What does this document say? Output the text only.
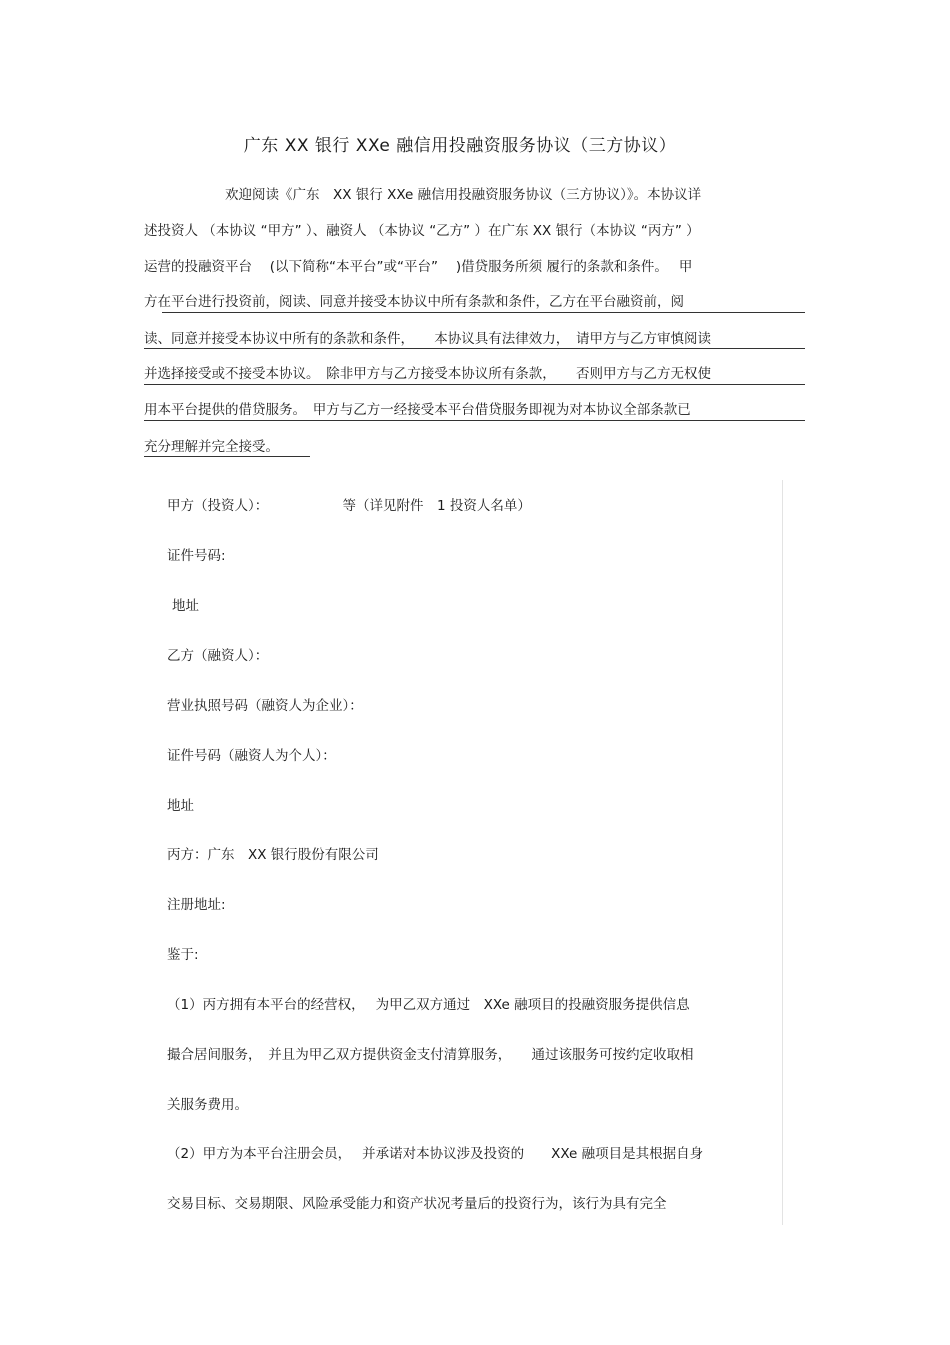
广东 XX 银行 XXe 融信用投融资服务协议（三方协议）
　　　　　　欢迎阅读《广东　XX 银行 XXe 融信用投融资服务协议（三方协议）》。本协议详
述投资人 （本协议 “甲方” ）、融资人 （本协议 “乙方” ）在广东 XX 银行（本协议 “丙方” ）
运营的投融资平台　 (以下简称“本平台”或“平台”　 )借贷服务所须 履行的条款和条件。　 甲
方在平台进行投资前，阅读、同意并接受本协议中所有条款和条件，乙方在平台融资前，阅
读、同意并接受本协议中所有的条款和条件，　　本协议具有法律效力，　请甲方与乙方审慎阅读
并选择接受或不接受本协议。　除非甲方与乙方接受本协议所有条款，　　否则甲方与乙方无权使
用本平台提供的借贷服务。　甲方与乙方一经接受本平台借贷服务即视为对本协议全部条款已
充分理解并完全接受。
甲方（投资人）：　　　　　　等（详见附件　1 投资人名单）
证件号码:
地址
乙方（融资人）：
营业执照号码（融资人为企业）：
证件号码（融资人为个人）：
地址
丙方：广东　XX 银行股份有限公司
注册地址:
鉴于:
（1）丙方拥有本平台的经营权，　 为甲乙双方通过　XXe 融项目的投融资服务提供信息
撮合居间服务，　并且为甲乙双方提供资金支付清算服务，　　通过该服务可按约定收取相
关服务费用。
（2）甲方为本平台注册会员，　 并承诺对本协议涉及投资的　　XXe 融项目是其根据自身
交易目标、交易期限、风险承受能力和资产状况考量后的投资行为，该行为具有完全
